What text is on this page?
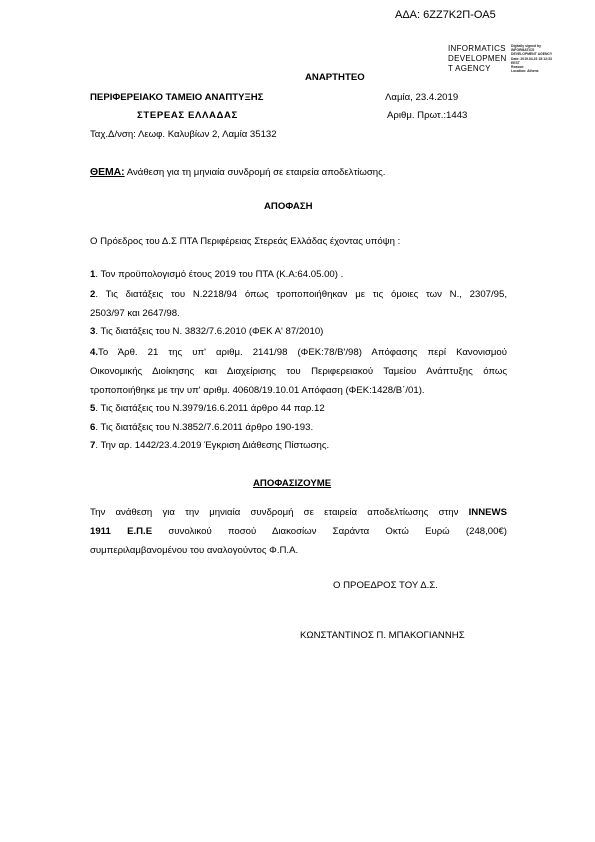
ΑΔΑ: 6ΖΖ7Κ2Π-ΟΑ5
INFORMATICS
DEVELOPMEN
T AGENCY
Digitally signed by
INFORMATICS
DEVELOPMENT AGENCY
Date: 2019.04.23 15:12:33
EEST
Reason:
Location: Athens
ΑΝΑΡΤΗΤΕΟ
ΠΕΡΙΦΕΡΕΙΑΚΟ ΤΑΜΕΙΟ ΑΝΑΠΤΥΞΗΣ	Λαμία, 23.4.2019
ΣΤΕΡΕΑΣ ΕΛΛΑΔΑΣ	Αριθμ. Πρωτ.:1443
Ταχ.Δ/νση: Λεωφ. Καλυβίων 2, Λαμία 35132
ΘΕΜΑ: Ανάθεση για τη μηνιαία συνδρομή σε εταιρεία αποδελτίωσης.
ΑΠΟΦΑΣΗ
Ο Πρόεδρος του Δ.Σ ΠΤΑ Περιφέρειας Στερεάς Ελλάδας έχοντας υπόψη :
1. Τον προϋπολογισμό έτους 2019 του ΠΤΑ (Κ.Α:64.05.00) .
2. Τις διατάξεις του Ν.2218/94 όπως τροποποιήθηκαν με τις όμοιες των Ν., 2307/95,
2503/97 και 2647/98.
3. Τις διατάξεις του Ν. 3832/7.6.2010 (ΦΕΚ Α' 87/2010)
4.Το Άρθ. 21 της υπ' αριθμ. 2141/98 (ΦΕΚ:78/Β'/98) Απόφασης περί Κανονισμού
Οικονομικής Διοίκησης και Διαχείρισης του Περιφερειακού Ταμείου Ανάπτυξης όπως
τροποποιήθηκε με την υπ' αριθμ. 40608/19.10.01 Απόφαση (ΦΕΚ:1428/Β΄/01).
5. Τις διατάξεις του Ν.3979/16.6.2011 άρθρο 44 παρ.12
6. Τις διατάξεις του Ν.3852/7.6.2011 άρθρο 190-193.
7. Την αρ. 1442/23.4.2019 Έγκριση Διάθεσης Πίστωσης.
ΑΠΟΦΑΣΙΖΟΥΜΕ
Την ανάθεση για την μηνιαία συνδρομή σε εταιρεία αποδελτίωσης στην INNEWS
1911 Ε.Π.Ε συνολικού ποσού Διακοσίων Σαράντα Οκτώ Ευρώ (248,00€)
συμπεριλαμβανομένου του αναλογούντος Φ.Π.Α.
Ο ΠΡΟΕΔΡΟΣ ΤΟΥ Δ.Σ.
ΚΩΝΣΤΑΝΤΙΝΟΣ Π. ΜΠΑΚΟΓΙΑΝΝΗΣ
